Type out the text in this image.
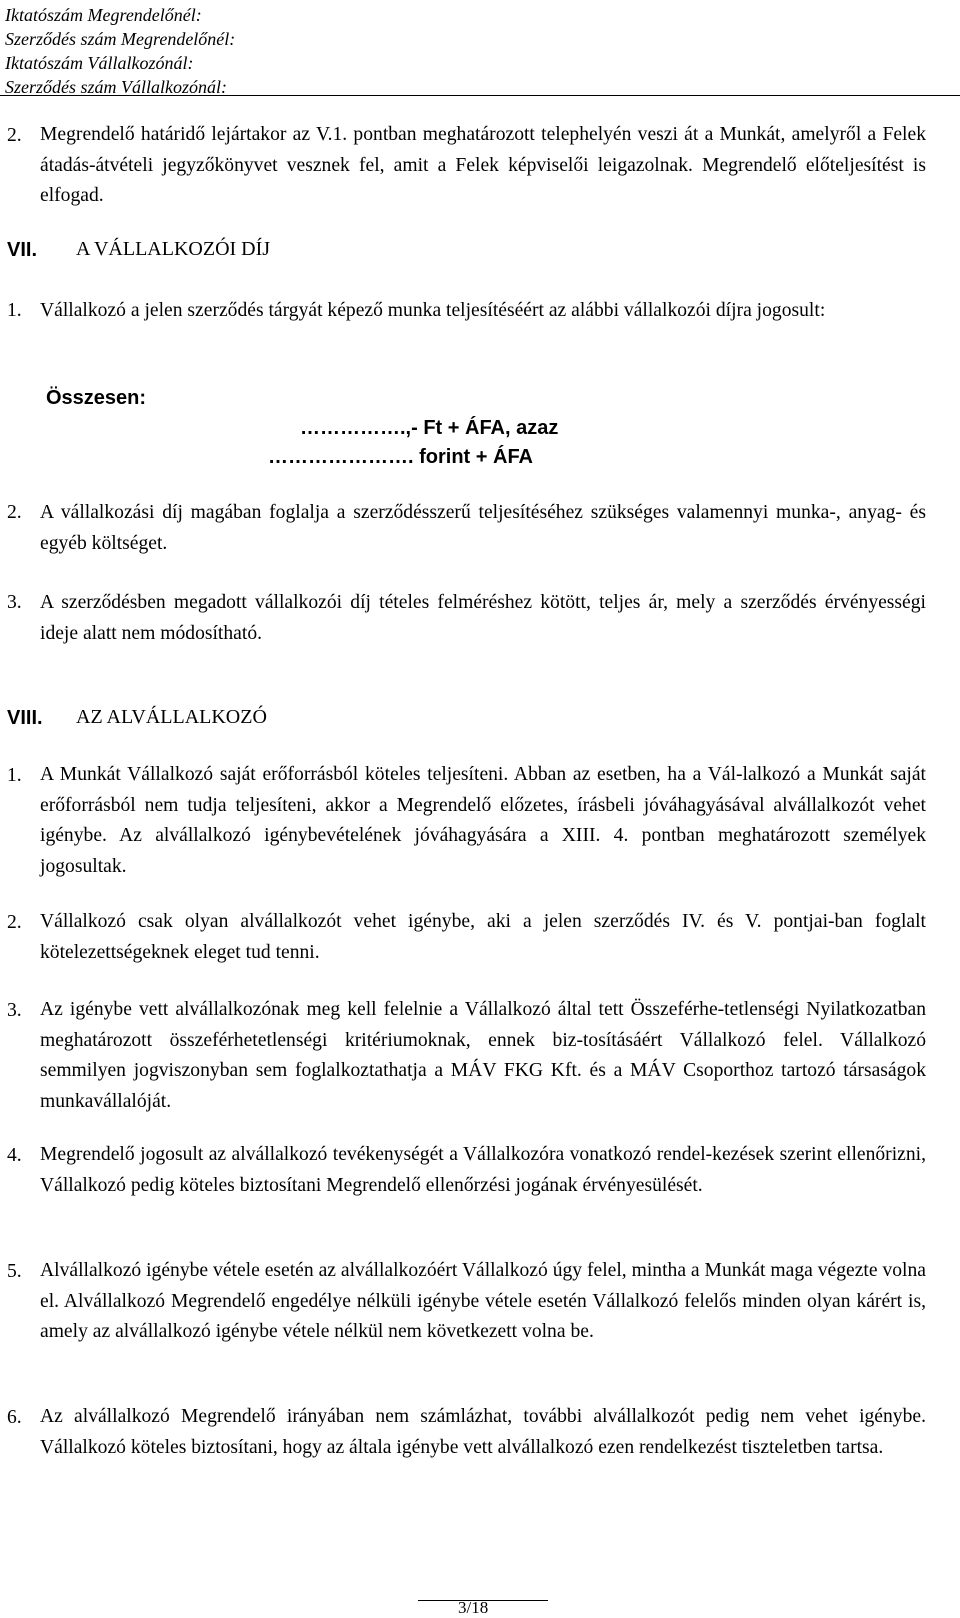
Iktatószám Megrendelőnél:
Szerződés szám Megrendelőnél:
Iktatószám Vállalkozónál:
Szerződés szám Vállalkozónál:
2. Megrendelő határidő lejártakor az V.1. pontban meghatározott telephelyén veszi át a Munkát, amelyről a Felek átadás-átvételi jegyzőkönyvet vesznek fel, amit a Felek képviselői leigazolnak. Megrendelő előteljesítést is elfogad.
VII. A VÁLLALKOZÓI DÍJ
1. Vállalkozó a jelen szerződés tárgyát képező munka teljesítéséért az alábbi vállalkozói díjra jogosult:
Összesen:
…………….,- Ft + ÁFA, azaz
…………………. forint + ÁFA
2. A vállalkozási díj magában foglalja a szerződésszerű teljesítéséhez szükséges valamennyi munka-, anyag- és egyéb költséget.
3. A szerződésben megadott vállalkozói díj tételes felméréshez kötött, teljes ár, mely a szerződés érvényességi ideje alatt nem módosítható.
VIII. AZ ALVÁLLALKOZÓ
1. A Munkát Vállalkozó saját erőforrásból köteles teljesíteni. Abban az esetben, ha a Vál-lalkozó a Munkát saját erőforrásból nem tudja teljesíteni, akkor a Megrendelő előzetes, írásbeli jóváhagyásával alvállalkozót vehet igénybe. Az alvállalkozó igénybevételének jóváhagyására a XIII. 4. pontban meghatározott személyek jogosultak.
2. Vállalkozó csak olyan alvállalkozót vehet igénybe, aki a jelen szerződés IV. és V. pontjai-ban foglalt kötelezettségeknek eleget tud tenni.
3. Az igénybe vett alvállalkozónak meg kell felelnie a Vállalkozó által tett Összeférhe-tetlenségi Nyilatkozatban meghatározott összeférhetetlenségi kritériumoknak, ennek biz-tosításáért Vállalkozó felel. Vállalkozó semmilyen jogviszonyban sem foglalkoztathatja a MÁV FKG Kft. és a MÁV Csoporthoz tartozó társaságok munkavállalóját.
4. Megrendelő jogosult az alvállalkozó tevékenységét a Vállalkozóra vonatkozó rendel-kezések szerint ellenőrizni, Vállalkozó pedig köteles biztosítani Megrendelő ellenőrzési jogának érvényesülését.
5. Alvállalkozó igénybe vétele esetén az alvállalkozóért Vállalkozó úgy felel, mintha a Munkát maga végezte volna el. Alvállalkozó Megrendelő engedélye nélküli igénybe vétele esetén Vállalkozó felelős minden olyan kárért is, amely az alvállalkozó igénybe vétele nélkül nem következett volna be.
6. Az alvállalkozó Megrendelő irányában nem számlázhat, további alvállalkozót pedig nem vehet igénybe. Vállalkozó köteles biztosítani, hogy az általa igénybe vett alvállalkozó ezen rendelkezést tiszteletben tartsa.
3/18
